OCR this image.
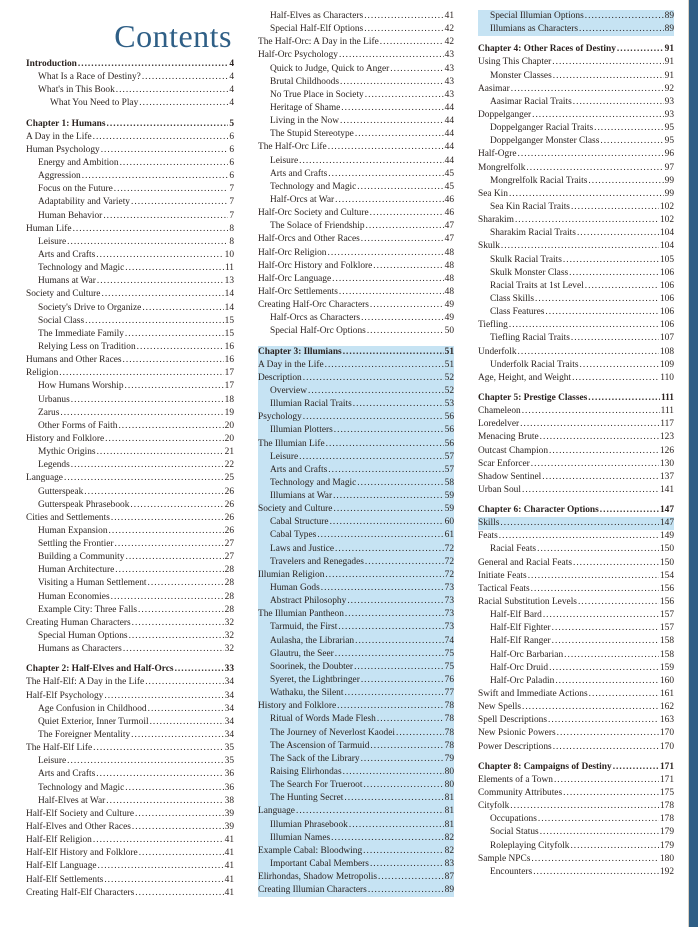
Contents
Introduction .....	4
What Is a Race of Destiny? .....	4
What's in This Book .....	4
What You Need to Play .....	4
Chapter 1: Humans .....	5
A Day in the Life .....	6
Human Psychology .....	6
Energy and Ambition .....	6
Aggression .....	6
Focus on the Future .....	7
Adaptability and Variety .....	7
Human Behavior .....	7
Human Life .....	8
Leisure .....	8
Arts and Crafts .....	10
Technology and Magic .....	11
Humans at War .....	13
Society and Culture .....	14
Society's Drive to Organize .....	14
Social Class .....	15
The Immediate Family .....	15
Relying Less on Tradition .....	16
Humans and Other Races .....	16
Religion .....	17
How Humans Worship .....	17
Urbanus .....	18
Zarus .....	19
Other Forms of Faith .....	20
History and Folklore .....	20
Mythic Origins .....	21
Legends .....	22
Language .....	25
Gutterspeak .....	26
Gutterspeak Phrasebook .....	26
Cities and Settlements .....	26
Human Expansion .....	26
Settling the Frontier .....	27
Building a Community .....	27
Human Architecture .....	28
Visiting a Human Settlement .....	28
Human Economies .....	28
Example City: Three Falls .....	28
Creating Human Characters .....	32
Special Human Options .....	32
Humans as Characters .....	32
Chapter 2: Half-Elves and Half-Orcs .....	33
The Half-Elf: A Day in the Life .....	34
Half-Elf Psychology .....	34
Age Confusion in Childhood .....	34
Quiet Exterior, Inner Turmoil .....	34
The Foreigner Mentality .....	34
The Half-Elf Life .....	35
Leisure .....	35
Arts and Crafts .....	36
Technology and Magic .....	36
Half-Elves at War .....	38
Half-Elf Society and Culture .....	39
Half-Elves and Other Races .....	39
Half-Elf Religion .....	41
Half-Elf History and Folklore .....	41
Half-Elf Language .....	41
Half-Elf Settlements .....	41
Creating Half-Elf Characters .....	41
Half-Elves as Characters .....	41
Special Half-Elf Options .....	42
The Half-Orc: A Day in the Life .....	42
Half-Orc Psychology .....	43
Quick to Judge, Quick to Anger .....	43
Brutal Childhoods .....	43
No True Place in Society .....	43
Heritage of Shame .....	44
Living in the Now .....	44
The Stupid Stereotype .....	44
The Half-Orc Life .....	44
Leisure .....	44
Arts and Crafts .....	45
Technology and Magic .....	45
Half-Orcs at War .....	46
Half-Orc Society and Culture .....	46
The Solace of Friendship .....	47
Half-Orcs and Other Races .....	47
Half-Orc Religion .....	48
Half-Orc History and Folklore .....	48
Half-Orc Language .....	48
Half-Orc Settlements .....	48
Creating Half-Orc Characters .....	49
Half-Orcs as Characters .....	49
Special Half-Orc Options .....	50
Chapter 3: Illumians .....	51
A Day in the Life .....	51
Description .....	52
Overview .....	52
Illumian Racial Traits .....	53
Psychology .....	56
Illumian Plotters .....	56
The Illumian Life .....	56
Leisure .....	57
Arts and Crafts .....	57
Technology and Magic .....	58
Illumians at War .....	59
Society and Culture .....	59
Cabal Structure .....	60
Cabal Types .....	61
Laws and Justice .....	72
Travelers and Renegades .....	72
Illumian Religion .....	72
Human Gods .....	73
Abstract Philosophy .....	73
The Illumian Pantheon .....	73
Tarmuid, the First .....	73
Aulasha, the Librarian .....	74
Glautru, the Seer .....	75
Soorinek, the Doubter .....	75
Syeret, the Lightbringer .....	76
Wathaku, the Silent .....	77
History and Folklore .....	78
Ritual of Words Made Flesh .....	78
The Journey of Neverlost Kaodei .....	78
The Ascension of Tarmuid .....	78
The Sack of the Library .....	79
Raising Elirhondas .....	80
The Search For Trueroot .....	80
The Hunting Secret .....	81
Language .....	81
Illumian Phrasebook .....	81
Illumian Names .....	82
Example Cabal: Bloodwing .....	82
Important Cabal Members .....	83
Elirhondas, Shadow Metropolis .....	87
Creating Illumian Characters .....	89
Special Illumian Options .....	89
Illumians as Characters .....	89
Chapter 4: Other Races of Destiny .....	91
Using This Chapter .....	91
Monster Classes .....	91
Aasimar .....	92
Aasimar Racial Traits .....	93
Doppelganger .....	93
Doppelganger Racial Traits .....	95
Doppelganger Monster Class .....	95
Half-Ogre .....	96
Mongrelfolk .....	97
Mongrelfolk Racial Traits .....	99
Sea Kin .....	99
Sea Kin Racial Traits .....	102
Sharakim .....	102
Sharakim Racial Traits .....	104
Skulk .....	104
Skulk Racial Traits .....	105
Skulk Monster Class .....	106
Racial Traits at 1st Level .....	106
Class Skills .....	106
Class Features .....	106
Tiefling .....	106
Tiefling Racial Traits .....	107
Underfolk .....	108
Underfolk Racial Traits .....	109
Age, Height, and Weight .....	110
Chapter 5: Prestige Classes .....	111
Chameleon .....	111
Loredelver .....	117
Menacing Brute .....	123
Outcast Champion .....	126
Scar Enforcer .....	130
Shadow Sentinel .....	137
Urban Soul .....	141
Chapter 6: Character Options .....	147
Skills .....	147
Feats .....	149
Racial Feats .....	150
General and Racial Feats .....	150
Initiate Feats .....	154
Tactical Feats .....	156
Racial Substitution Levels .....	156
Half-Elf Bard .....	157
Half-Elf Fighter .....	157
Half-Elf Ranger .....	158
Half-Orc Barbarian .....	158
Half-Orc Druid .....	159
Half-Orc Paladin .....	160
Swift and Immediate Actions .....	161
New Spells .....	162
Spell Descriptions .....	163
New Psionic Powers .....	170
Power Descriptions .....	170
Chapter 8: Campaigns of Destiny .....	171
Elements of a Town .....	171
Community Attributes .....	175
Cityfolk .....	178
Occupations .....	178
Social Status .....	179
Roleplaying Cityfolk .....	179
Sample NPCs .....	180
Encounters .....	192
